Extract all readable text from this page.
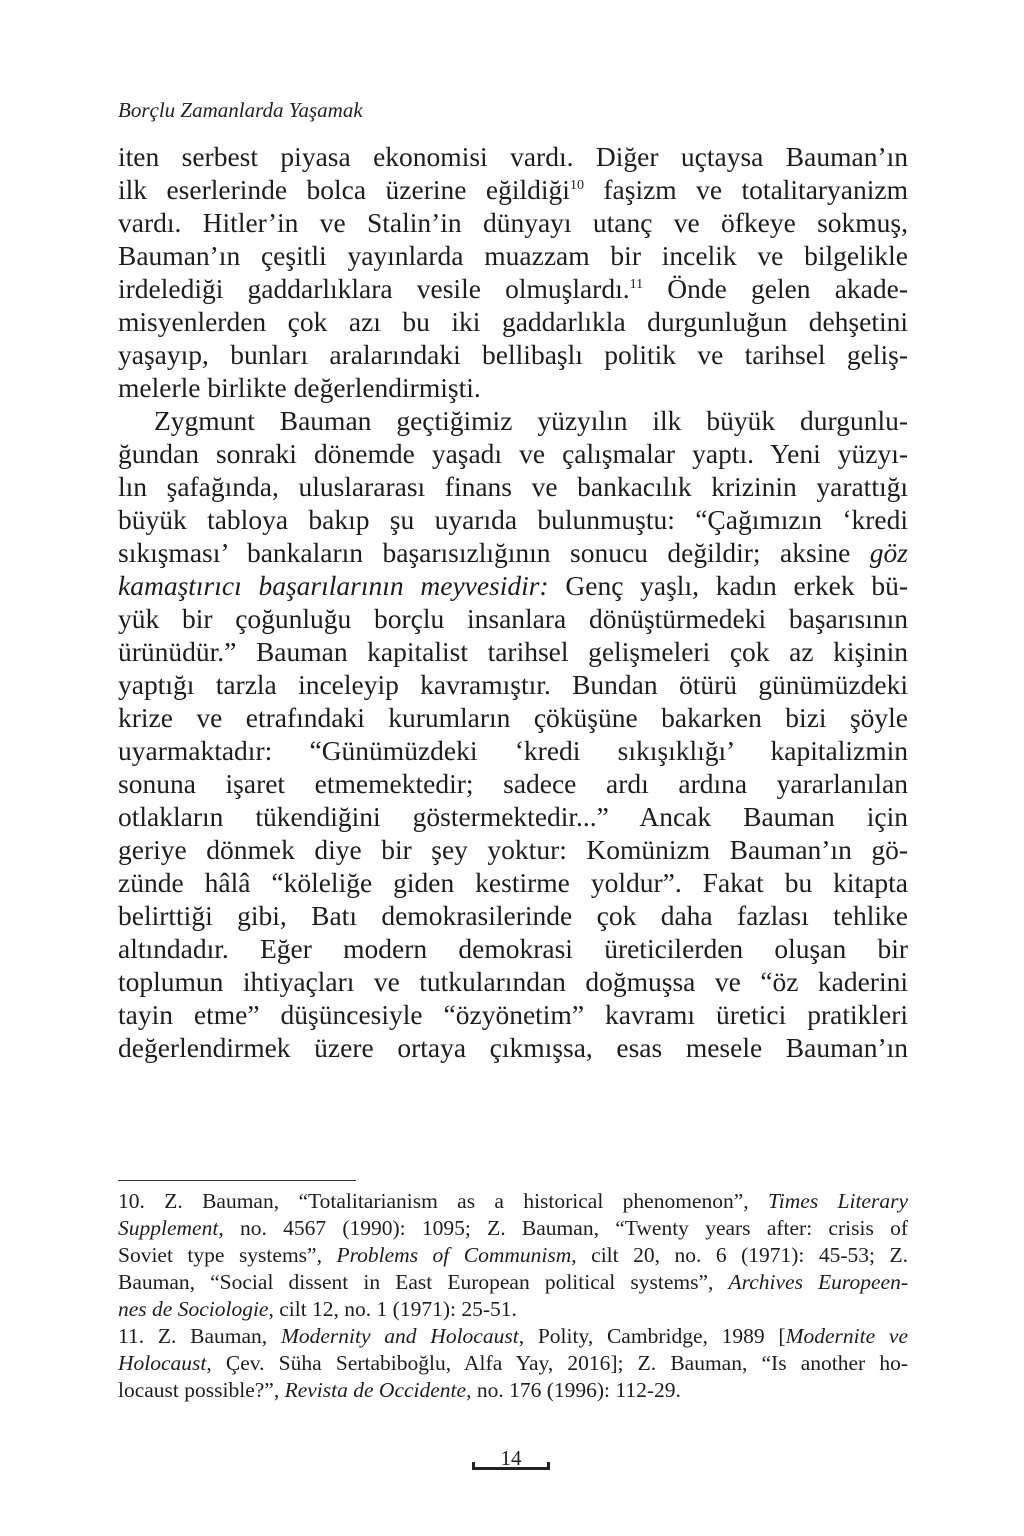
Borçlu Zamanlarda Yaşamak

iten serbest piyasa ekonomisi vardı. Diğer uçtaysa Bauman’ın
ilk eserlerinde bolca üzerine eğildiği$^{10}$ faşizm ve totalitaryanizm
vardı. Hitler’in ve Stalin’in dünyayı utanç ve öfkeye sokmuş,
Bauman’ın çeşitli yayınlarda muazzam bir incelik ve bilgelikle
irdelediği gaddarlıklara vesile olmuşlardı.$^{11}$ Önde gelen akade-
misyenlerden çok azı bu iki gaddarlıkla durgunluğun dehşetini
yaşayıp, bunları aralarındaki bellibaşlı politik ve tarihsel geliş-
melerle birlikte değerlendirmişti.

Zygmunt Bauman geçtiğimiz yüzyılın ilk büyük durgunlu-
ğundan sonraki dönemde yaşadı ve çalışmalar yaptı. Yeni yüzyı-
lın şafağında, uluslararası finans ve bankacılık krizinin yarattığı
büyük tabloya bakıp şu uyarıda bulunmuştu: “Çağımızın ‘kredi
sıkışması’ bankaların başarısızlığının sonucu değildir; aksine göz
kamaştırıcı başarılarının meyvesidir: Genç yaşlı, kadın erkek bü-
yük bir çoğunluğu borçlu insanlara dönüştürmedeki başarısının
ürünüdür.” Bauman kapitalist tarihsel gelişmeleri çok az kişinin
yaptığı tarzla inceleyip kavramıştır. Bundan ötürü günümüzdeki
krize ve etrafındaki kurumların çöküşüne bakarken bizi şöyle
uyarmaktadır: “Günümüzdeki ‘kredi sıkışıklığı’ kapitalizmin
sonuna işaret etmemektedir; sadece ardı ardına yararlanılan
otlakların tükendiğini göstermektedir...” Ancak Bauman için
geriye dönmek diye bir şey yoktur: Komünizm Bauman’ın gö-
zünde hâlâ “köleliğe giden kestirme yoldur”. Fakat bu kitapta
belirttiği gibi, Batı demokrasilerinde çok daha fazlası tehlike
altındadır. Eğer modern demokrasi üreticilerden oluşan bir
toplumun ihtiyaçları ve tutkularından doğmuşsa ve “öz kaderini
tayin etme” düşüncesiyle “özyönetim” kavramı üretici pratikleri
değerlendirmek üzere ortaya çıkmışsa, esas mesele Bauman’ın

10. Z. Bauman, “Totalitarianism as a historical phenomenon”, Times Literary
Supplement, no. 4567 (1990): 1095; Z. Bauman, “Twenty years after: crisis of
Soviet type systems”, Problems of Communism, cilt 20, no. 6 (1971): 45-53; Z.
Bauman, “Social dissent in East European political systems”, Archives Europeen-
nes de Sociologie, cilt 12, no. 1 (1971): 25-51.
11. Z. Bauman, Modernity and Holocaust, Polity, Cambridge, 1989 [Modernite ve
Holocaust, Çev. Süha Sertabiboğlu, Alfa Yay, 2016]; Z. Bauman, “Is another ho-
locaust possible?”, Revista de Occidente, no. 176 (1996): 112-29.
14
